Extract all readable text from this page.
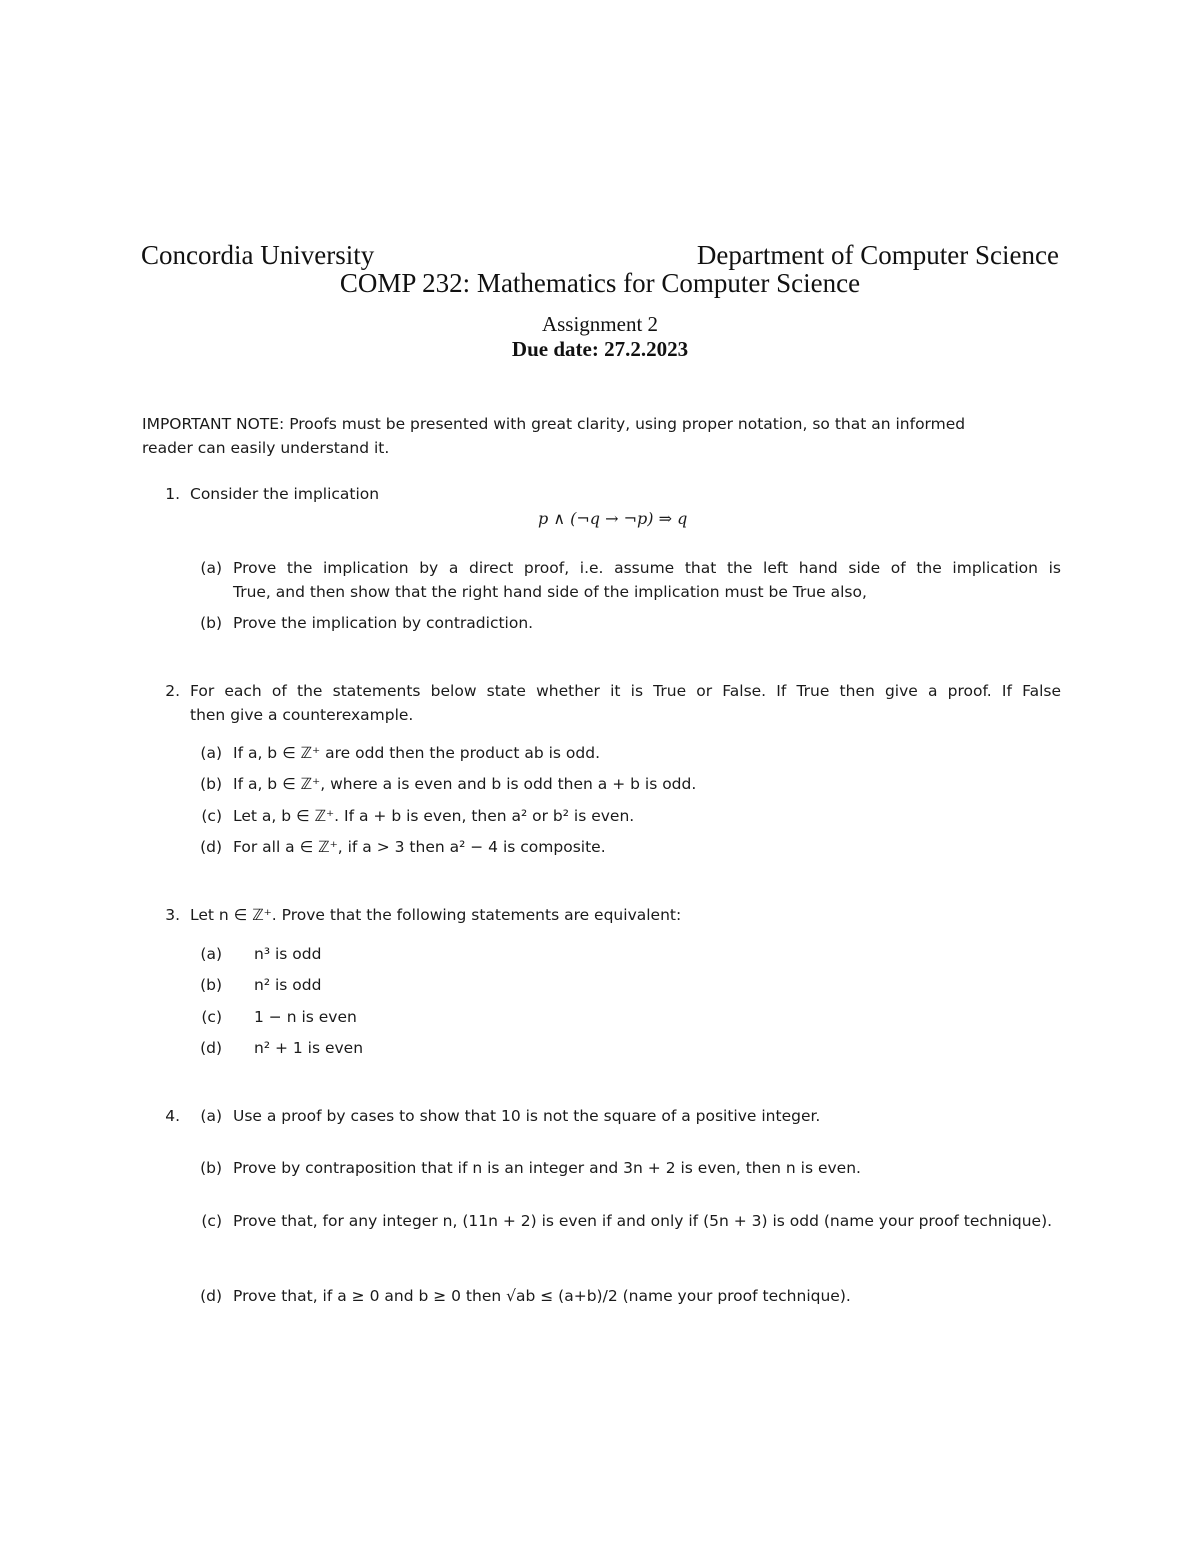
Concordia University	Department of Computer Science
COMP 232: Mathematics for Computer Science
Assignment 2
Due date: 27.2.2023
IMPORTANT NOTE: Proofs must be presented with great clarity, using proper notation, so that an informed
reader can easily understand it.
1. Consider the implication
p ∧ (¬q → ¬p) ⇒ q
(a) Prove the implication by a direct proof, i.e. assume that the left hand side of the implication is
True, and then show that the right hand side of the implication must be True also,
(b) Prove the implication by contradiction.
2. For each of the statements below state whether it is True or False. If True then give a proof. If False
then give a counterexample.
(a) If a, b ∈ ℤ⁺ are odd then the product ab is odd.
(b) If a, b ∈ ℤ⁺, where a is even and b is odd then a + b is odd.
(c) Let a, b ∈ ℤ⁺. If a + b is even, then a² or b² is even.
(d) For all a ∈ ℤ⁺, if a > 3 then a² − 4 is composite.
3. Let n ∈ ℤ⁺. Prove that the following statements are equivalent:
(a) n³ is odd
(b) n² is odd
(c) 1 − n is even
(d) n² + 1 is even
4.	(a) Use a proof by cases to show that 10 is not the square of a positive integer.
(b) Prove by contraposition that if n is an integer and 3n + 2 is even, then n is even.
(c) Prove that, for any integer n, (11n + 2) is even if and only if (5n + 3) is odd (name your proof technique).
(d) Prove that, if a ≥ 0 and b ≥ 0 then √ab ≤ (a+b)/2 (name your proof technique).
